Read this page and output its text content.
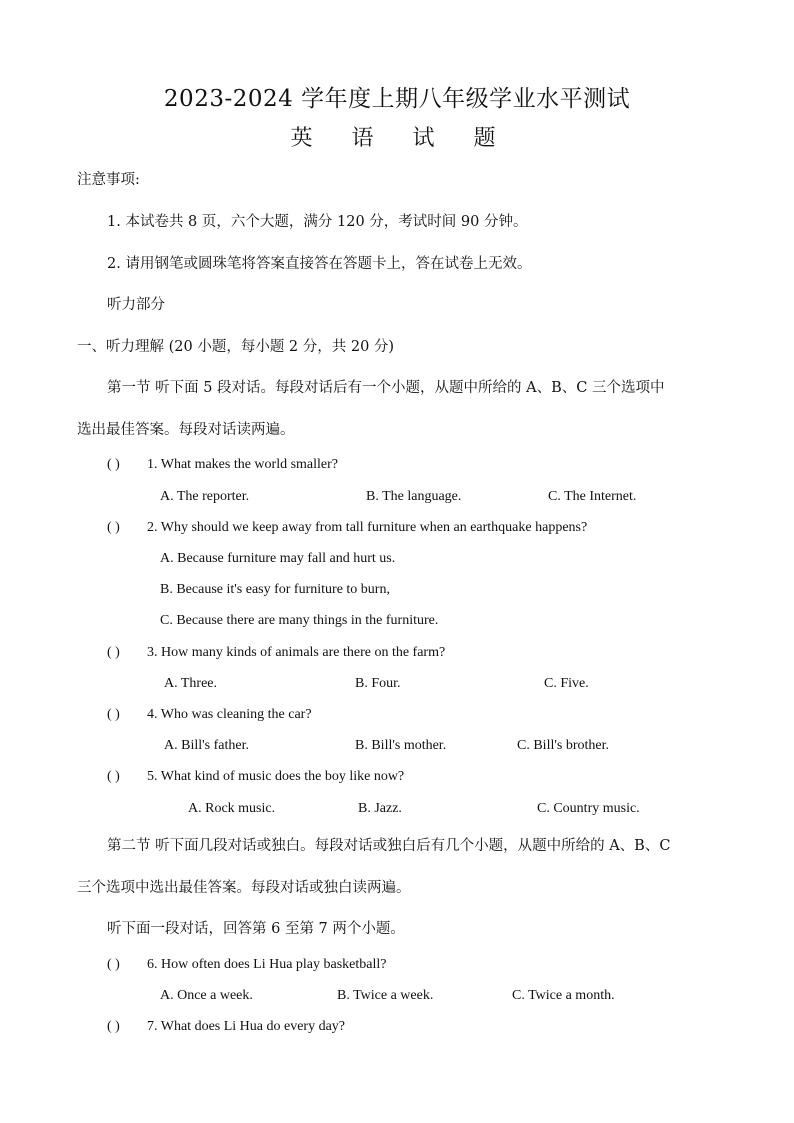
2023-2024 学年度上期八年级学业水平测试
英 语 试 题
注意事项:
1. 本试卷共 8 页，六个大题，满分 120 分，考试时间 90 分钟。
2. 请用钢笔或圆珠笔将答案直接答在答题卡上，答在试卷上无效。
听力部分
一、听力理解 (20 小题，每小题 2 分，共 20 分)
第一节 听下面 5 段对话。每段对话后有一个小题，从题中所给的 A、B、C 三个选项中
选出最佳答案。每段对话读两遍。
( ) 1. What makes the world smaller?
A. The reporter.	B. The language.	C. The Internet.
( ) 2. Why should we keep away from tall furniture when an earthquake happens?
A. Because furniture may fall and hurt us.
B. Because it's easy for furniture to burn,
C. Because there are many things in the furniture.
( ) 3. How many kinds of animals are there on the farm?
A. Three.	B. Four.	C. Five.
( ) 4. Who was cleaning the car?
A. Bill's father.	B. Bill's mother.	C. Bill's brother.
( ) 5. What kind of music does the boy like now?
A. Rock music.	B. Jazz.	C. Country music.
第二节 听下面几段对话或独白。每段对话或独白后有几个小题，从题中所给的 A、B、C
三个选项中选出最佳答案。每段对话或独白读两遍。
听下面一段对话，回答第 6 至第 7 两个小题。
( ) 6. How often does Li Hua play basketball?
A. Once a week.	B. Twice a week.	C. Twice a month.
( ) 7. What does Li Hua do every day?
